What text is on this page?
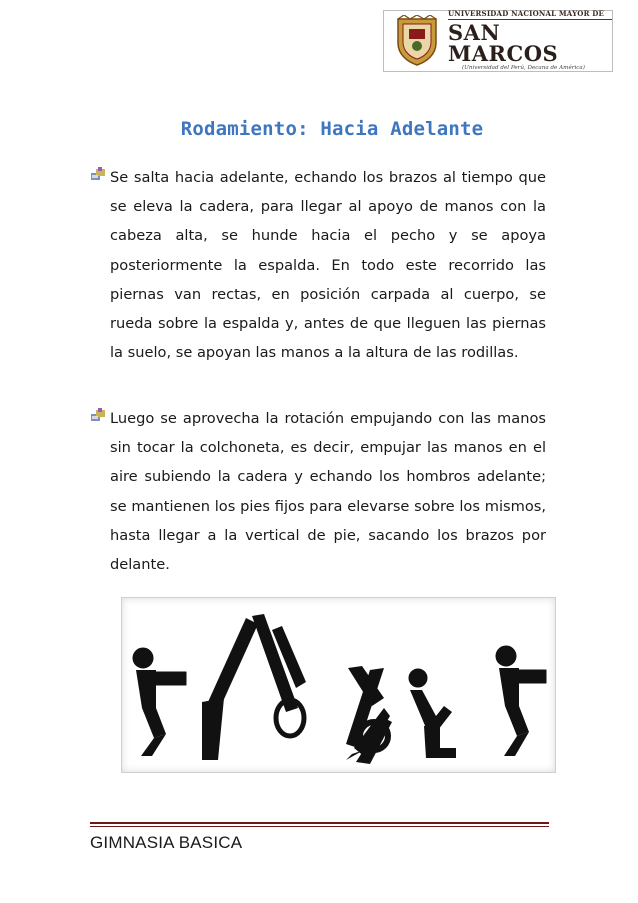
UNIVERSIDAD NACIONAL MAYOR DE
SAN MARCOS
(Universidad del Perú, Decana de América)
Rodamiento: Hacia Adelante
Se salta hacia adelante, echando los brazos al tiempo que se eleva la cadera, para llegar al apoyo de manos con la cabeza alta, se hunde hacia el pecho y se apoya posteriormente la espalda. En todo este recorrido las piernas van rectas, en posición carpada al cuerpo, se rueda sobre la espalda y, antes de que lleguen las piernas la suelo, se apoyan las manos a la altura de las rodillas.
Luego se aprovecha la rotación empujando con las manos sin tocar la colchoneta, es decir, empujar las manos en el aire subiendo la cadera y echando los hombros adelante; se mantienen los pies fijos para elevarse sobre los mismos, hasta llegar a la vertical de pie, sacando los brazos por delante.
GIMNASIA BASICA
